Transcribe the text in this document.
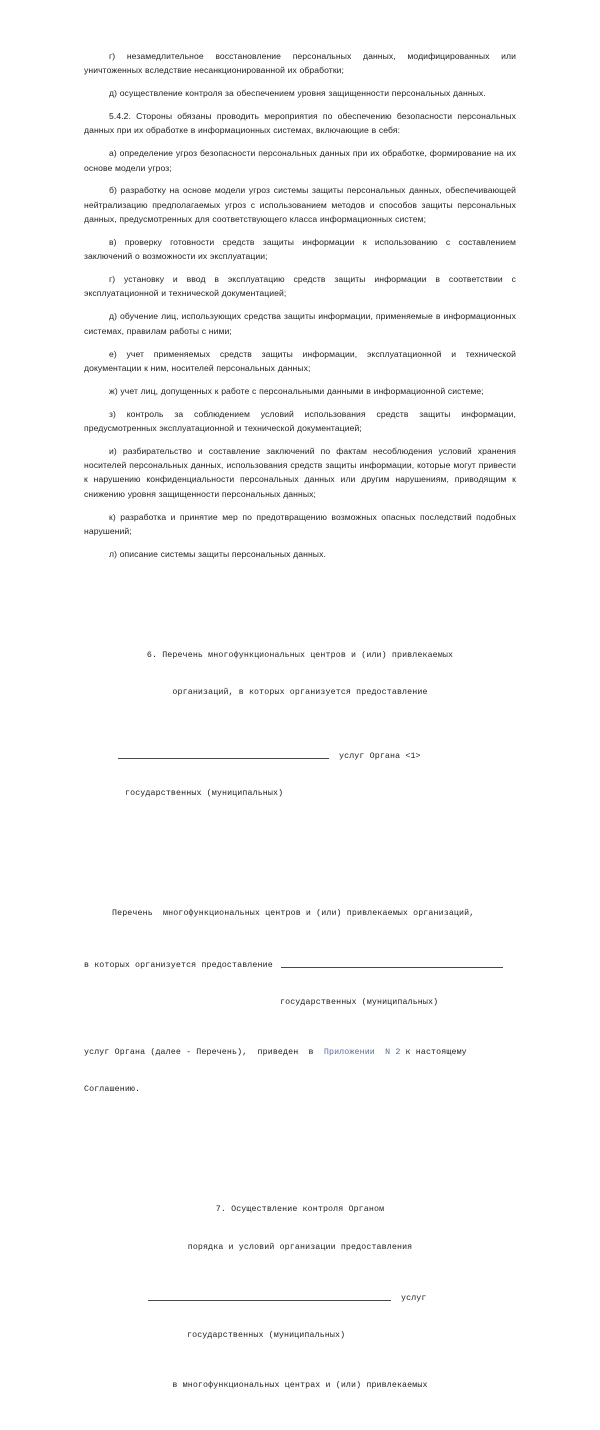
г) незамедлительное восстановление персональных данных, модифицированных или уничтоженных вследствие несанкционированной их обработки;

д) осуществление контроля за обеспечением уровня защищенности персональных данных.

5.4.2. Стороны обязаны проводить мероприятия по обеспечению безопасности персональных данных при их обработке в информационных системах, включающие в себя:

а) определение угроз безопасности персональных данных при их обработке, формирование на их основе модели угроз;

б) разработку на основе модели угроз системы защиты персональных данных, обеспечивающей нейтрализацию предполагаемых угроз с использованием методов и способов защиты персональных данных, предусмотренных для соответствующего класса информационных систем;

в) проверку готовности средств защиты информации к использованию с составлением заключений о возможности их эксплуатации;

г) установку и ввод в эксплуатацию средств защиты информации в соответствии с эксплуатационной и технической документацией;

д) обучение лиц, использующих средства защиты информации, применяемые в информационных системах, правилам работы с ними;

е) учет применяемых средств защиты информации, эксплуатационной и технической документации к ним, носителей персональных данных;

ж) учет лиц, допущенных к работе с персональными данными в информационной системе;

з) контроль за соблюдением условий использования средств защиты информации, предусмотренных эксплуатационной и технической документацией;

и) разбирательство и составление заключений по фактам несоблюдения условий хранения носителей персональных данных, использования средств защиты информации, которые могут привести к нарушению конфиденциальности персональных данных или другим нарушениям, приводящим к снижению уровня защищенности персональных данных;

к) разработка и принятие мер по предотвращению возможных опасных последствий подобных нарушений;

л) описание системы защиты персональных данных.

6. Перечень многофункциональных центров и (или) привлекаемых

организаций, в которых организуется предоставление

услуг Органа <1>

государственных (муниципальных)

Перечень  многофункциональных центров и (или) привлекаемых организаций,

в которых организуется предоставление

государственных (муниципальных)

услуг Органа (далее - Перечень),  приведен  в  Приложении  N 2 к настоящему

Соглашению.

7. Осуществление контроля Органом

порядка и условий организации предоставления

услуг

государственных (муниципальных)

в многофункциональных центрах и (или) привлекаемых
